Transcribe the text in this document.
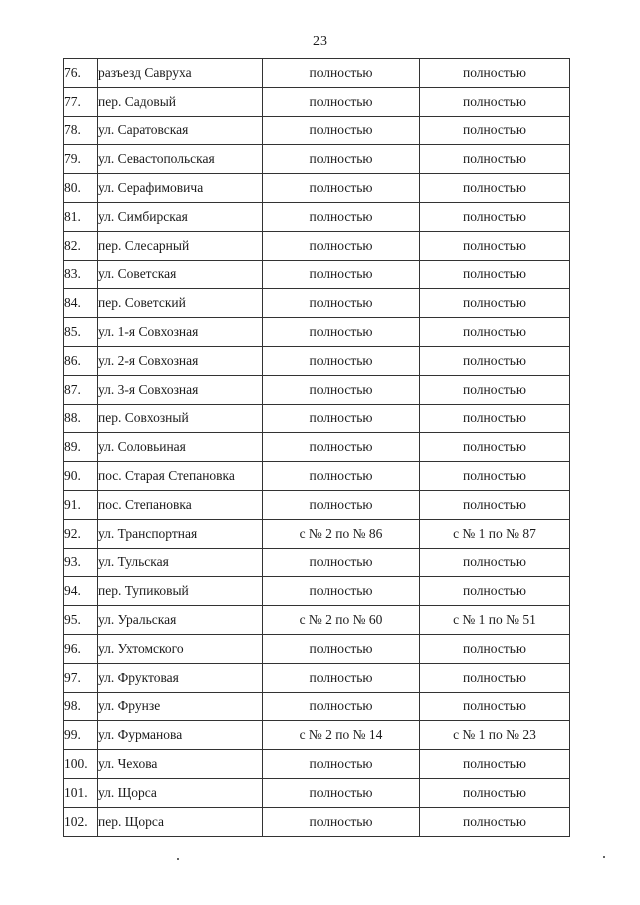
23
76.	разъезд Савруха	полностью	полностью
77.	пер. Садовый	полностью	полностью
78.	ул. Саратовская	полностью	полностью
79.	ул. Севастопольская	полностью	полностью
80.	ул. Серафимовича	полностью	полностью
81.	ул. Симбирская	полностью	полностью
82.	пер. Слесарный	полностью	полностью
83.	ул. Советская	полностью	полностью
84.	пер. Советский	полностью	полностью
85.	ул. 1-я Совхозная	полностью	полностью
86.	ул. 2-я Совхозная	полностью	полностью
87.	ул. 3-я Совхозная	полностью	полностью
88.	пер. Совхозный	полностью	полностью
89.	ул. Соловьиная	полностью	полностью
90.	пос. Старая Степановка	полностью	полностью
91.	пос. Степановка	полностью	полностью
92.	ул. Транспортная	с № 2 по № 86	с № 1 по № 87
93.	ул. Тульская	полностью	полностью
94.	пер. Тупиковый	полностью	полностью
95.	ул. Уральская	с № 2 по № 60	с № 1 по № 51
96.	ул. Ухтомского	полностью	полностью
97.	ул. Фруктовая	полностью	полностью
98.	ул. Фрунзе	полностью	полностью
99.	ул. Фурманова	с № 2 по № 14	с № 1 по № 23
100.	ул. Чехова	полностью	полностью
101.	ул. Щорса	полностью	полностью
102.	пер. Щорса	полностью	полностью
